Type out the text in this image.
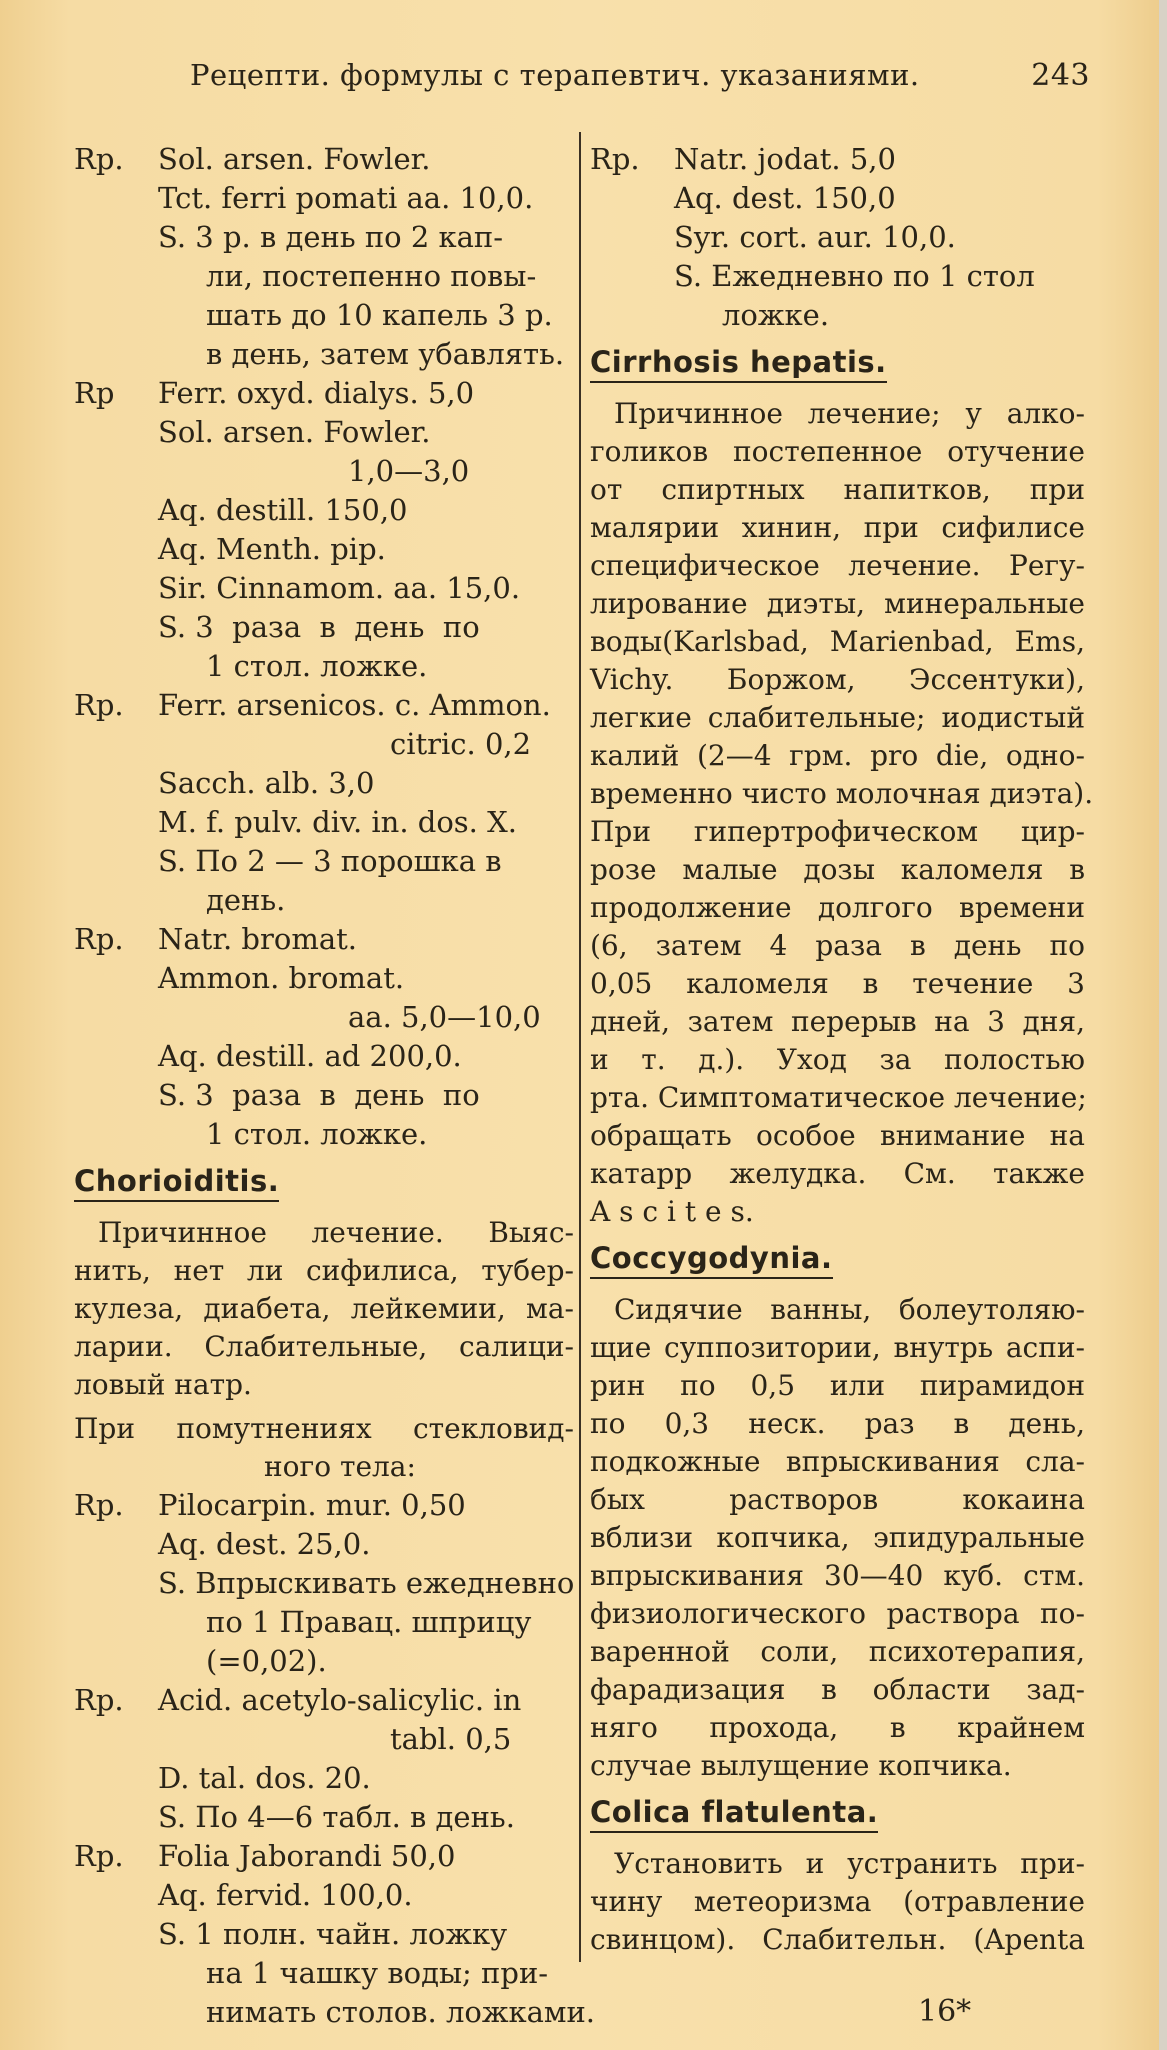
Рецепти. формулы с терапевтич. указаниями.	243
Rp.	Sol. arsen. Fowler.
Tct. ferri pomati aa. 10,0.
S. 3 р. в день по 2 кап-
ли, постепенно повы-
шать до 10 капель 3 р.
в день, затем убавлять.
Rp	Ferr. oxyd. dialys. 5,0
Sol. arsen. Fowler.
1,0—3,0
Aq. destill. 150,0
Aq. Menth. pip.
Sir. Cinnamom. aa. 15,0.
S. 3  раза  в  день  по
1 стол. ложке.
Rp.	Ferr. arsenicos. c. Ammon.
citric. 0,2
Sacch. alb. 3,0
M. f. pulv. div. in. dos. X.
S. По 2 — 3 порошка в
день.
Rp.	Natr. bromat.
Ammon. bromat.
aa. 5,0—10,0
Aq. destill. ad 200,0.
S. 3  раза  в  день  по
1 стол. ложке.
Chorioiditis.
Причинное лечение. Выяс-
нить, нет ли сифилиса, тубер-
кулеза, диабета, лейкемии, ма-
ларии. Слабительные, салици-
ловый натр.
При  помутнениях  стекловид-
ного тела:
Rp.	Pilocarpin. mur. 0,50
Aq. dest. 25,0.
S. Впрыскивать ежедневно
по 1 Правац. шприцу
(=0,02).
Rp.	Acid. acetylo-salicylic. in
tabl. 0,5
D. tal. dos. 20.
S. По 4—6 табл. в день.
Rp.	Folia Jaborandi 50,0
Aq. fervid. 100,0.
S. 1 полн. чайн. ложку
на 1 чашку воды; при-
нимать столов. ложками.
Rp.	Natr. jodat. 5,0
Aq. dest. 150,0
Syr. cort. aur. 10,0.
S. Ежедневно по 1 стол
ложке.
Cirrhosis hepatis.
Причинное лечение; у алко-
голиков постепенное отучение
от спиртных напитков, при
малярии хинин, при сифилисе
специфическое лечение. Регу-
лирование диэты, минеральные
воды(Karlsbad, Marienbad, Ems,
Vichy. Боржом, Эссентуки),
легкие слабительные; иодистый
калий (2—4 грм. pro die, одно-
временно чисто молочная диэта).
При гипертрофическом цир-
розе малые дозы каломеля в
продолжение долгого времени
(6, затем 4 раза в день по
0,05 каломеля в течение 3
дней, затем перерыв на 3 дня,
и т. д.). Уход за полостью
рта. Симптоматическое лечение;
обращать особое внимание на
катарр желудка. См. также
A s c i t e s.
Coccygodynia.
Сидячие ванны, болеутоляю-
щие суппозитории, внутрь аспи-
рин по 0,5 или пирамидон
по 0,3 неск. раз в день,
подкожные впрыскивания сла-
бых растворов кокаина
вблизи копчика, эпидуральные
впрыскивания 30—40 куб. стм.
физиологического раствора по-
варенной соли, психотерапия,
фарадизация в области зад-
няго прохода, в крайнем
случае вылущение копчика.
Colica flatulenta.
Установить и устранить при-
чину метеоризма (отравление
свинцом). Слабительн. (Apenta
16*
